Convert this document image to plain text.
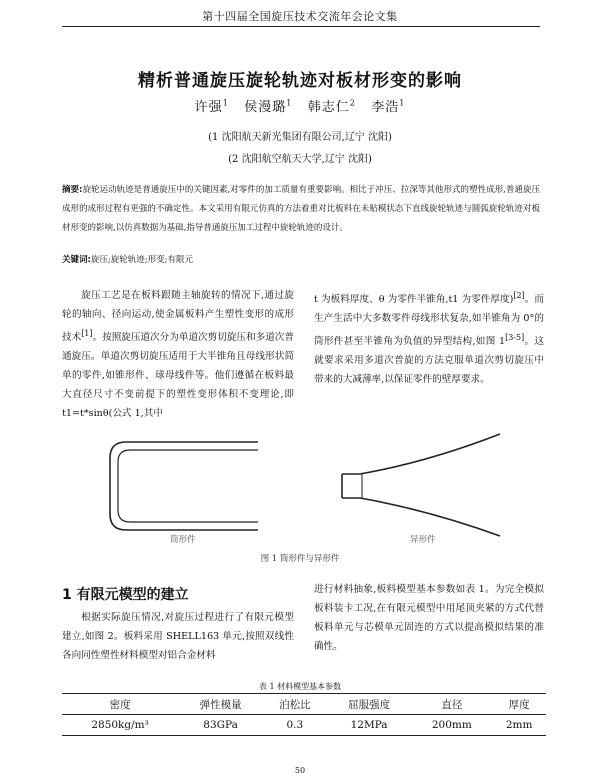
第十四届全国旋压技术交流年会论文集
精析普通旋压旋轮轨迹对板材形变的影响
许强$^1$ 侯漫璐$^1$ 韩志仁$^2$ 李浩$^1$
(1 沈阳航天新光集团有限公司,辽宁 沈阳)
(2 沈阳航空航天大学,辽宁 沈阳)
摘要:旋轮运动轨迹是普通旋压中的关键因素,对零件的加工质量有重要影响。相比于冲压、拉深等其他形式的塑性成形,普通旋压成形的成形过程有更强的不确定性。本文采用有限元仿真的方法着重对比板料在未贴模状态下直线旋轮轨迹与圆弧旋轮轨迹对板材形变的影响,以仿真数据为基础,指导普通旋压加工过程中旋轮轨迹的设计。
关键词:旋压;旋轮轨迹;形变;有限元
旋压工艺是在板料跟随主轴旋转的情况下,通过旋轮的轴向、径向运动,使金属板料产生塑性变形的成形技术[1]。按照旋压道次分为单道次剪切旋压和多道次普通旋压。单道次剪切旋压适用于大半锥角且母线形状简单的零件,如锥形件、球母线件等。他们遵循在板料最大直径尺寸不变前提下的塑性变形体积不变理论,即 t1=t*sinθ(公式 1,其中
t 为板料厚度、θ 为零件半锥角,t1 为零件厚度)[2]。而生产生活中大多数零件母线形状复杂,如半锥角为 0°的筒形件甚至半锥角为负值的异型结构,如图 1[3-5]。这就要求采用多道次普旋的方法克服单道次剪切旋压中带来的大减薄率,以保证零件的壁厚要求。
筒形件	异形件
图 1 筒形件与异形件
1 有限元模型的建立
根据实际旋压情况,对旋压过程进行了有限元模型建立,如图 2。板料采用 SHELL163 单元,按照双线性各向同性塑性材料模型对铝合金材料
进行材料抽象,板料模型基本参数如表 1。为完全模拟板料装卡工况,在有限元模型中用尾顶夹紧的方式代替板料单元与芯模单元固连的方式以提高模拟结果的准确性。
表 1 材料模型基本参数
密度	弹性模量	泊松比	屈服强度	直径	厚度
2850kg/m³	83GPa	0.3	12MPa	200mm	2mm
50
